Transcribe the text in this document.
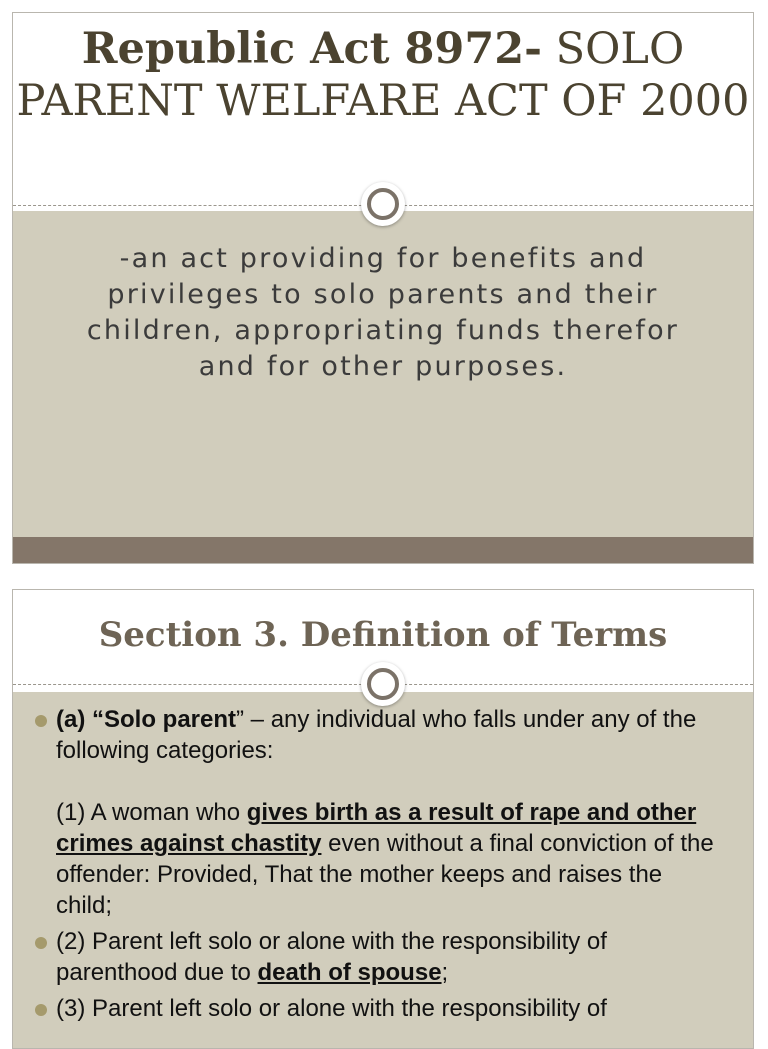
Republic Act 8972- SOLO PARENT WELFARE ACT OF 2000

-an act providing for benefits and privileges to solo parents and their children, appropriating funds therefor and for other purposes.

Section 3. Definition of Terms
(a) “Solo parent” – any individual who falls under any of the following categories:
(1) A woman who gives birth as a result of rape and other crimes against chastity even without a final conviction of the offender: Provided, That the mother keeps and raises the child;
(2) Parent left solo or alone with the responsibility of parenthood due to death of spouse;
(3) Parent left solo or alone with the responsibility of
